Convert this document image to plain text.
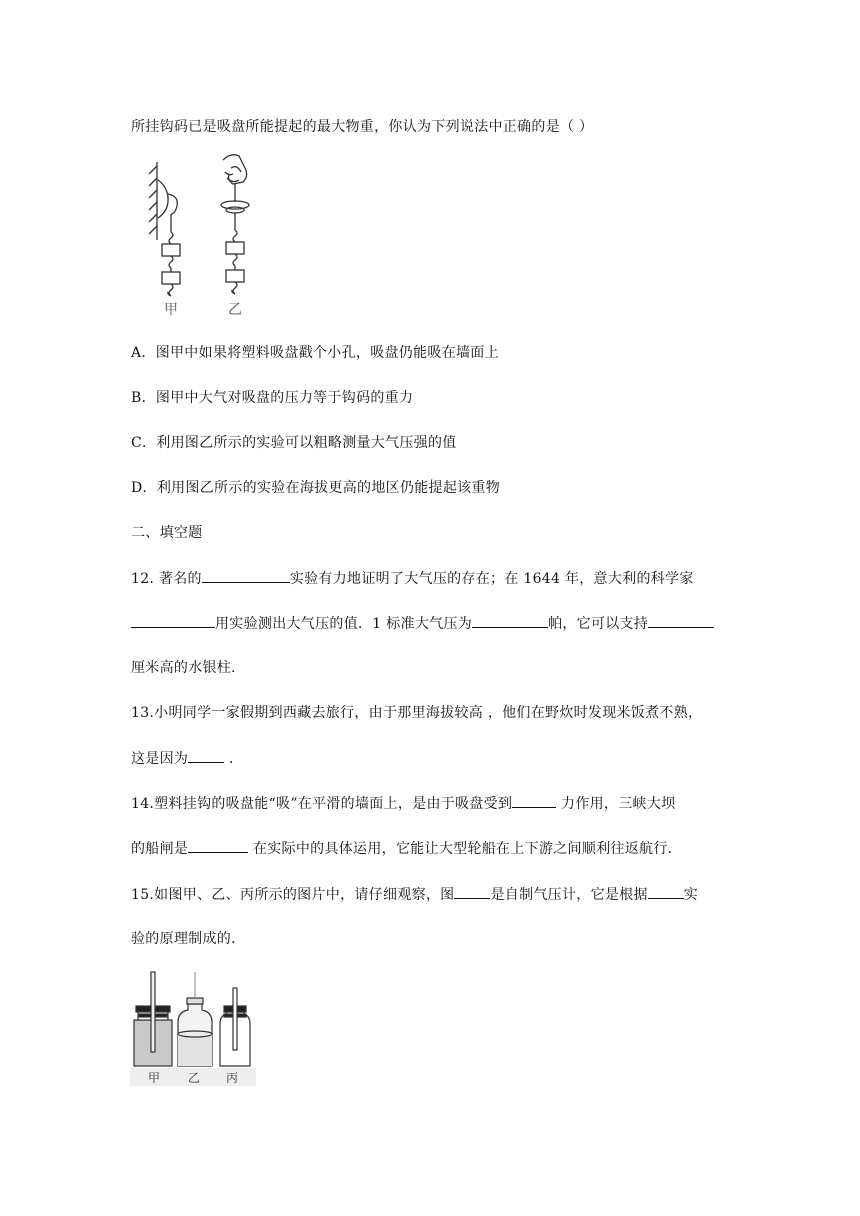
所挂钩码已是吸盘所能提起的最大物重，你认为下列说法中正确的是（ ）
甲	乙
A．图甲中如果将塑料吸盘戳个小孔，吸盘仍能吸在墙面上
B．图甲中大气对吸盘的压力等于钩码的重力
C．利用图乙所示的实验可以粗略测量大气压强的值
D．利用图乙所示的实验在海拔更高的地区仍能提起该重物
二、填空题
12. 著名的	实验有力地证明了大气压的存在；在 1644 年，意大利的科学家
用实验测出大气压的值．1 标准大气压为	帕，它可以支持
厘米高的水银柱．
13.小明同学一家假期到西藏去旅行，由于那里海拔较高 ，他们在野炊时发现米饭煮不熟，
这是因为	．
14.塑料挂钩的吸盘能“吸”在平滑的墙面上，是由于吸盘受到	力作用，三峡大坝
的船闸是	在实际中的具体运用，它能让大型轮船在上下游之间顺利往返航行．
15.如图甲、乙、丙所示的图片中，请仔细观察，图	是自制气压计，它是根据	实
验的原理制成的．
甲 乙 丙
